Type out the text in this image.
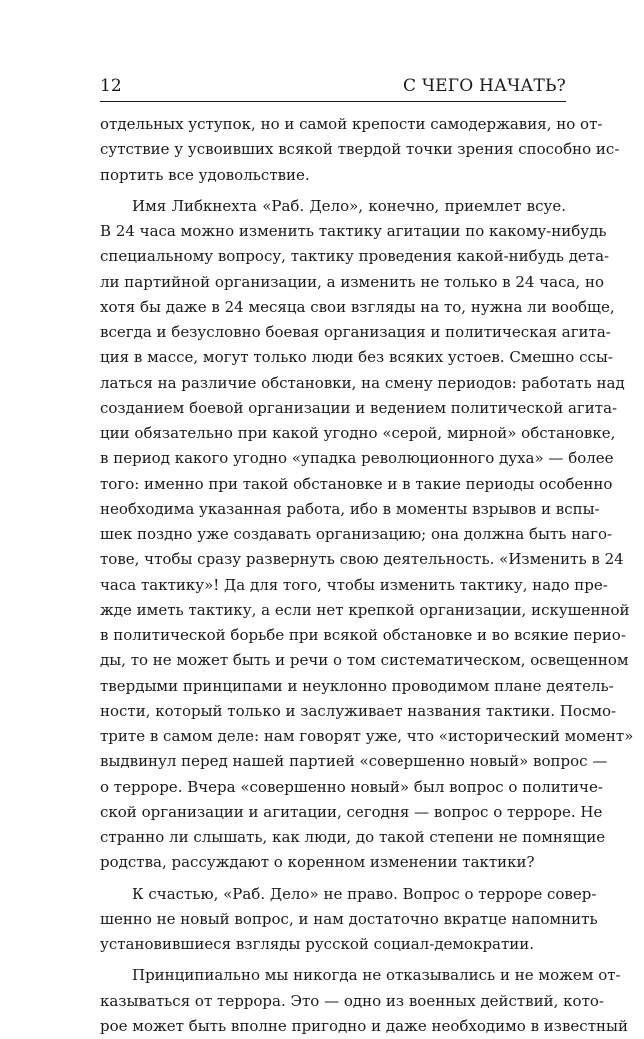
12	С ЧЕГО НАЧАТЬ?
отдельных уступок, но и самой крепости самодержавия, но от-
сутствие у усвоивших всякой твердой точки зрения способно ис-
портить все удовольствие.
Имя Либкнехта «Раб. Дело», конечно, приемлет всуе.
В 24 часа можно изменить тактику агитации по какому-нибудь
специальному вопросу, тактику проведения какой-нибудь дета-
ли партийной организации, а изменить не только в 24 часа, но
хотя бы даже в 24 месяца свои взгляды на то, нужна ли вообще,
всегда и безусловно боевая организация и политическая агита-
ция в массе, могут только люди без всяких устоев. Смешно ссы-
латься на различие обстановки, на смену периодов: работать над
созданием боевой организации и ведением политической агита-
ции обязательно при какой угодно «серой, мирной» обстановке,
в период какого угодно «упадка революционного духа» — более
того: именно при такой обстановке и в такие периоды особенно
необходима указанная работа, ибо в моменты взрывов и вспы-
шек поздно уже создавать организацию; она должна быть наго-
тове, чтобы сразу развернуть свою деятельность. «Изменить в 24
часа тактику»! Да для того, чтобы изменить тактику, надо пре-
жде иметь тактику, а если нет крепкой организации, искушенной
в политической борьбе при всякой обстановке и во всякие перио-
ды, то не может быть и речи о том систематическом, освещенном
твердыми принципами и неуклонно проводимом плане деятель-
ности, который только и заслуживает названия тактики. Посмо-
трите в самом деле: нам говорят уже, что «исторический момент»
выдвинул перед нашей партией «совершенно новый» вопрос —
о терроре. Вчера «совершенно новый» был вопрос о политиче-
ской организации и агитации, сегодня — вопрос о терроре. Не
странно ли слышать, как люди, до такой степени не помнящие
родства, рассуждают о коренном изменении тактики?
К счастью, «Раб. Дело» не право. Вопрос о терроре совер-
шенно не новый вопрос, и нам достаточно вкратце напомнить
установившиеся взгляды русской социал-демократии.
Принципиально мы никогда не отказывались и не можем от-
казываться от террора. Это — одно из военных действий, кото-
рое может быть вполне пригодно и даже необходимо в известный
